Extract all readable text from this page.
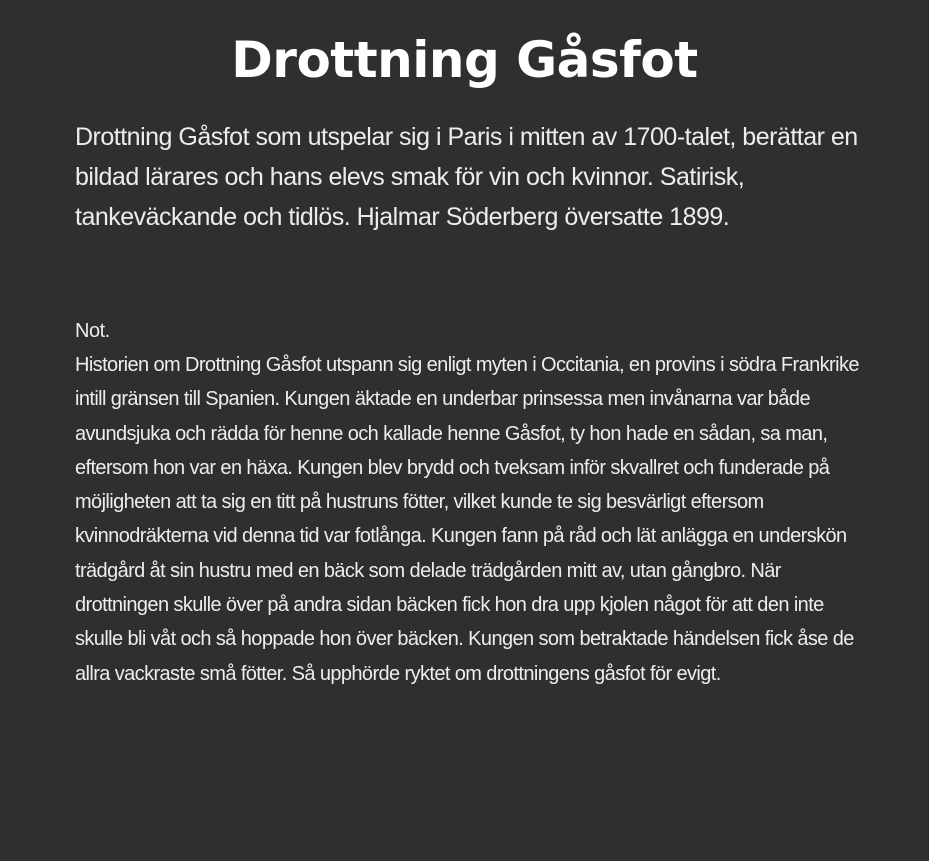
Drottning Gåsfot

Drottning Gåsfot som utspelar sig i Paris i mitten av 1700-talet, berättar en bildad lärares och hans elevs smak för vin och kvinnor. Satirisk, tankeväckande och tidlös. Hjalmar Söderberg översatte 1899.

Not.

Historien om Drottning Gåsfot utspann sig enligt myten i Occitania, en provins i södra Frankrike intill gränsen till Spanien. Kungen äktade en underbar prinsessa men invånarna var både avundsjuka och rädda för henne och kallade henne Gåsfot, ty hon hade en sådan, sa man, eftersom hon var en häxa. Kungen blev brydd och tveksam inför skvallret och funderade på möjligheten att ta sig en titt på hustruns fötter, vilket kunde te sig besvärligt eftersom kvinnodräkterna vid denna tid var fotlånga. Kungen fann på råd och lät anlägga en underskön trädgård åt sin hustru med en bäck som delade trädgården mitt av, utan gångbro. När drottningen skulle över på andra sidan bäcken fick hon dra upp kjolen något för att den inte skulle bli våt och så hoppade hon över bäcken. Kungen som betraktade händelsen fick åse de allra vackraste små fötter. Så upphörde ryktet om drottningens gåsfot för evigt.
